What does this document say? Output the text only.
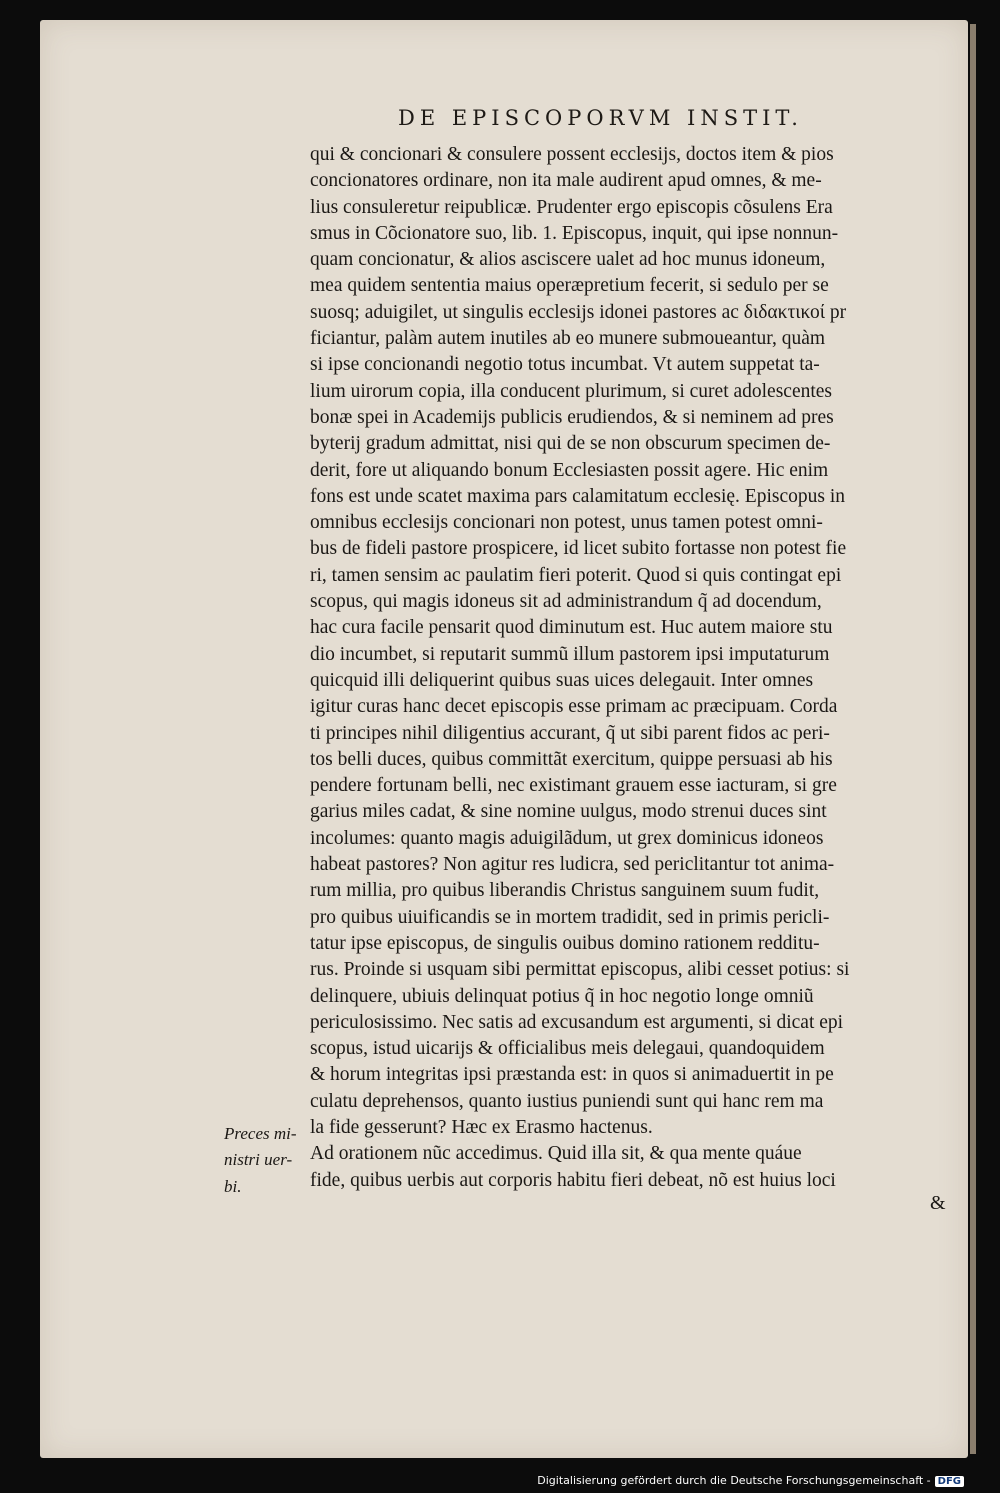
DE EPISCOPORVM INSTIT.
qui & concionari & consulere possent ecclesijs, doctos item & pios
concionatores ordinare, non ita male audirent apud omnes, & me-
lius consuleretur reipublicæ. Prudenter ergo episcopis cõsulens Era
smus in Cõcionatore suo, lib. 1. Episcopus, inquit, qui ipse nonnun-
quam concionatur, & alios asciscere ualet ad hoc munus idoneum,
mea quidem sententia maius operæpretium fecerit, si sedulo per se
suosq; aduigilet, ut singulis ecclesijs idonei pastores ac διδακτικοί pr
ficiantur, palàm autem inutiles ab eo munere submoueantur, quàm
si ipse concionandi negotio totus incumbat. Vt autem suppetat ta-
lium uirorum copia, illa conducent plurimum, si curet adolescentes
bonæ spei in Academijs publicis erudiendos, & si neminem ad pres
byterij gradum admittat, nisi qui de se non obscurum specimen de-
derit, fore ut aliquando bonum Ecclesiasten possit agere. Hic enim
fons est unde scatet maxima pars calamitatum ecclesię. Episcopus in
omnibus ecclesijs concionari non potest, unus tamen potest omni-
bus de fideli pastore prospicere, id licet subito fortasse non potest fie
ri, tamen sensim ac paulatim fieri poterit. Quod si quis contingat epi
scopus, qui magis idoneus sit ad administrandum q̃ ad docendum,
hac cura facile pensarit quod diminutum est. Huc autem maiore stu
dio incumbet, si reputarit summũ illum pastorem ipsi imputaturum
quicquid illi deliquerint quibus suas uices delegauit. Inter omnes
igitur curas hanc decet episcopis esse primam ac præcipuam. Corda
ti principes nihil diligentius accurant, q̃ ut sibi parent fidos ac peri-
tos belli duces, quibus committãt exercitum, quippe persuasi ab his
pendere fortunam belli, nec existimant grauem esse iacturam, si gre
garius miles cadat, & sine nomine uulgus, modo strenui duces sint
incolumes: quanto magis aduigilãdum, ut grex dominicus idoneos
habeat pastores? Non agitur res ludicra, sed periclitantur tot anima-
rum millia, pro quibus liberandis Christus sanguinem suum fudit,
pro quibus uiuificandis se in mortem tradidit, sed in primis pericli-
tatur ipse episcopus, de singulis ouibus domino rationem redditu-
rus. Proinde si usquam sibi permittat episcopus, alibi cesset potius: si
delinquere, ubiuis delinquat potius q̃ in hoc negotio longe omniũ
periculosissimo. Nec satis ad excusandum est argumenti, si dicat epi
scopus, istud uicarijs & officialibus meis delegaui, quandoquidem
& horum integritas ipsi præstanda est: in quos si animaduertit in pe
culatu deprehensos, quanto iustius puniendi sunt qui hanc rem ma
la fide gesserunt? Hæc ex Erasmo hactenus.
Ad orationem nũc accedimus. Quid illa sit, & qua mente quáue
fide, quibus uerbis aut corporis habitu fieri debeat, nõ est huius loci
Preces mi-
nistri uer-
bi.
&
Digitalisierung gefördert durch die Deutsche Forschungsgemeinschaft - DFG
